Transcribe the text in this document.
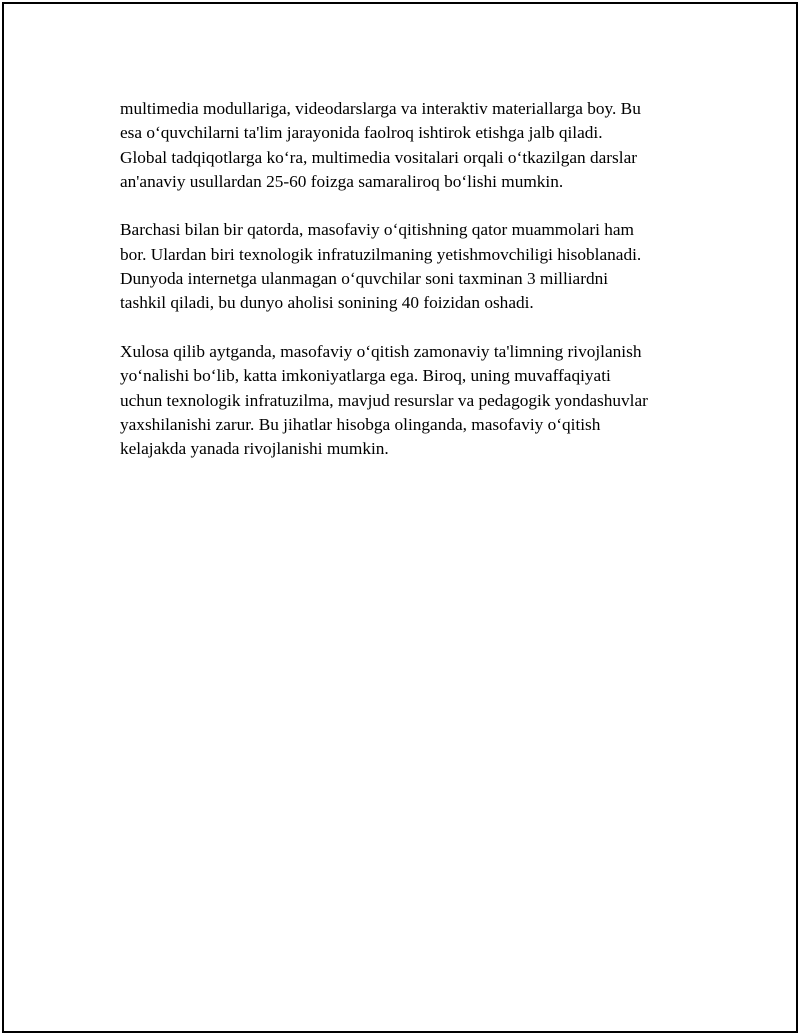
multimedia modullariga, videodarslarga va interaktiv materiallarga boy. Bu
esa o‘quvchilarni ta'lim jarayonida faolroq ishtirok etishga jalb qiladi.
Global tadqiqotlarga ko‘ra, multimedia vositalari orqali o‘tkazilgan darslar
an'anaviy usullardan 25-60 foizga samaraliroq bo‘lishi mumkin.

Barchasi bilan bir qatorda, masofaviy o‘qitishning qator muammolari ham
bor. Ulardan biri texnologik infratuzilmaning yetishmovchiligi hisoblanadi.
Dunyoda internetga ulanmagan o‘quvchilar soni taxminan 3 milliardni
tashkil qiladi, bu dunyo aholisi sonining 40 foizidan oshadi.

Xulosa qilib aytganda, masofaviy o‘qitish zamonaviy ta'limning rivojlanish
yo‘nalishi bo‘lib, katta imkoniyatlarga ega. Biroq, uning muvaffaqiyati
uchun texnologik infratuzilma, mavjud resurslar va pedagogik yondashuvlar
yaxshilanishi zarur. Bu jihatlar hisobga olinganda, masofaviy o‘qitish
kelajakda yanada rivojlanishi mumkin.
